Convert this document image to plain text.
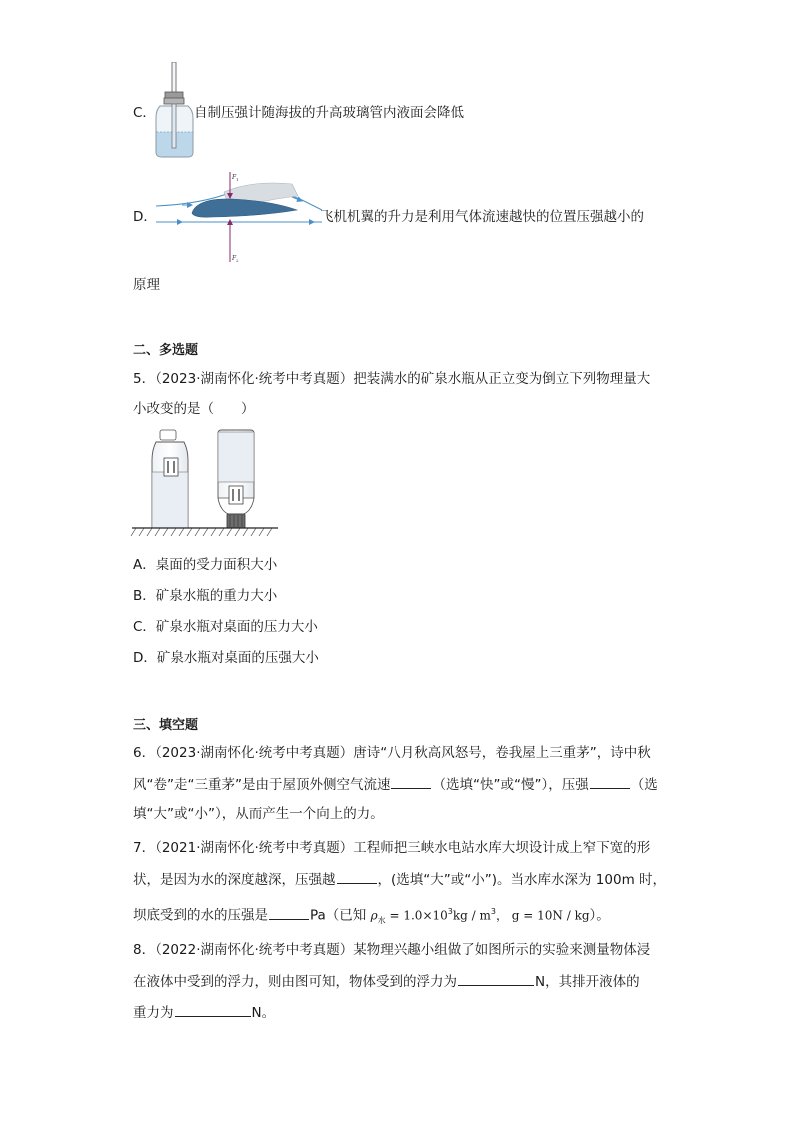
C．	自制压强计随海拔的升高玻璃管内液面会降低
D．
F 1
F 2
飞机机翼的升力是利用气体流速越快的位置压强越小的
原理
二、多选题
5．（2023·湖南怀化·统考中考真题）把装满水的矿泉水瓶从正立变为倒立下列物理量大
小改变的是（　　）
A．桌面的受力面积大小
B．矿泉水瓶的重力大小
C．矿泉水瓶对桌面的压力大小
D．矿泉水瓶对桌面的压强大小
三、填空题
6．（2023·湖南怀化·统考中考真题）唐诗“八月秋高风怒号，卷我屋上三重茅”，诗中秋
风“卷”走“三重茅”是由于屋顶外侧空气流速	（选填“快”或“慢”），压强	（选
填“大”或“小”），从而产生一个向上的力。
7．（2021·湖南怀化·统考中考真题）工程师把三峡水电站水库大坝设计成上窄下宽的形
状，是因为水的深度越深，压强越	，(选填“大”或“小”)。当水库水深为 100m 时，
坝底受到的水的压强是	Pa（已知 $\rho_水 = 1.0\times 10^3kg / m^3$， g = 10N / kg）。
8．（2022·湖南怀化·统考中考真题）某物理兴趣小组做了如图所示的实验来测量物体浸
在液体中受到的浮力，则由图可知，物体受到的浮力为	N，其排开液体的
重力为	N。
